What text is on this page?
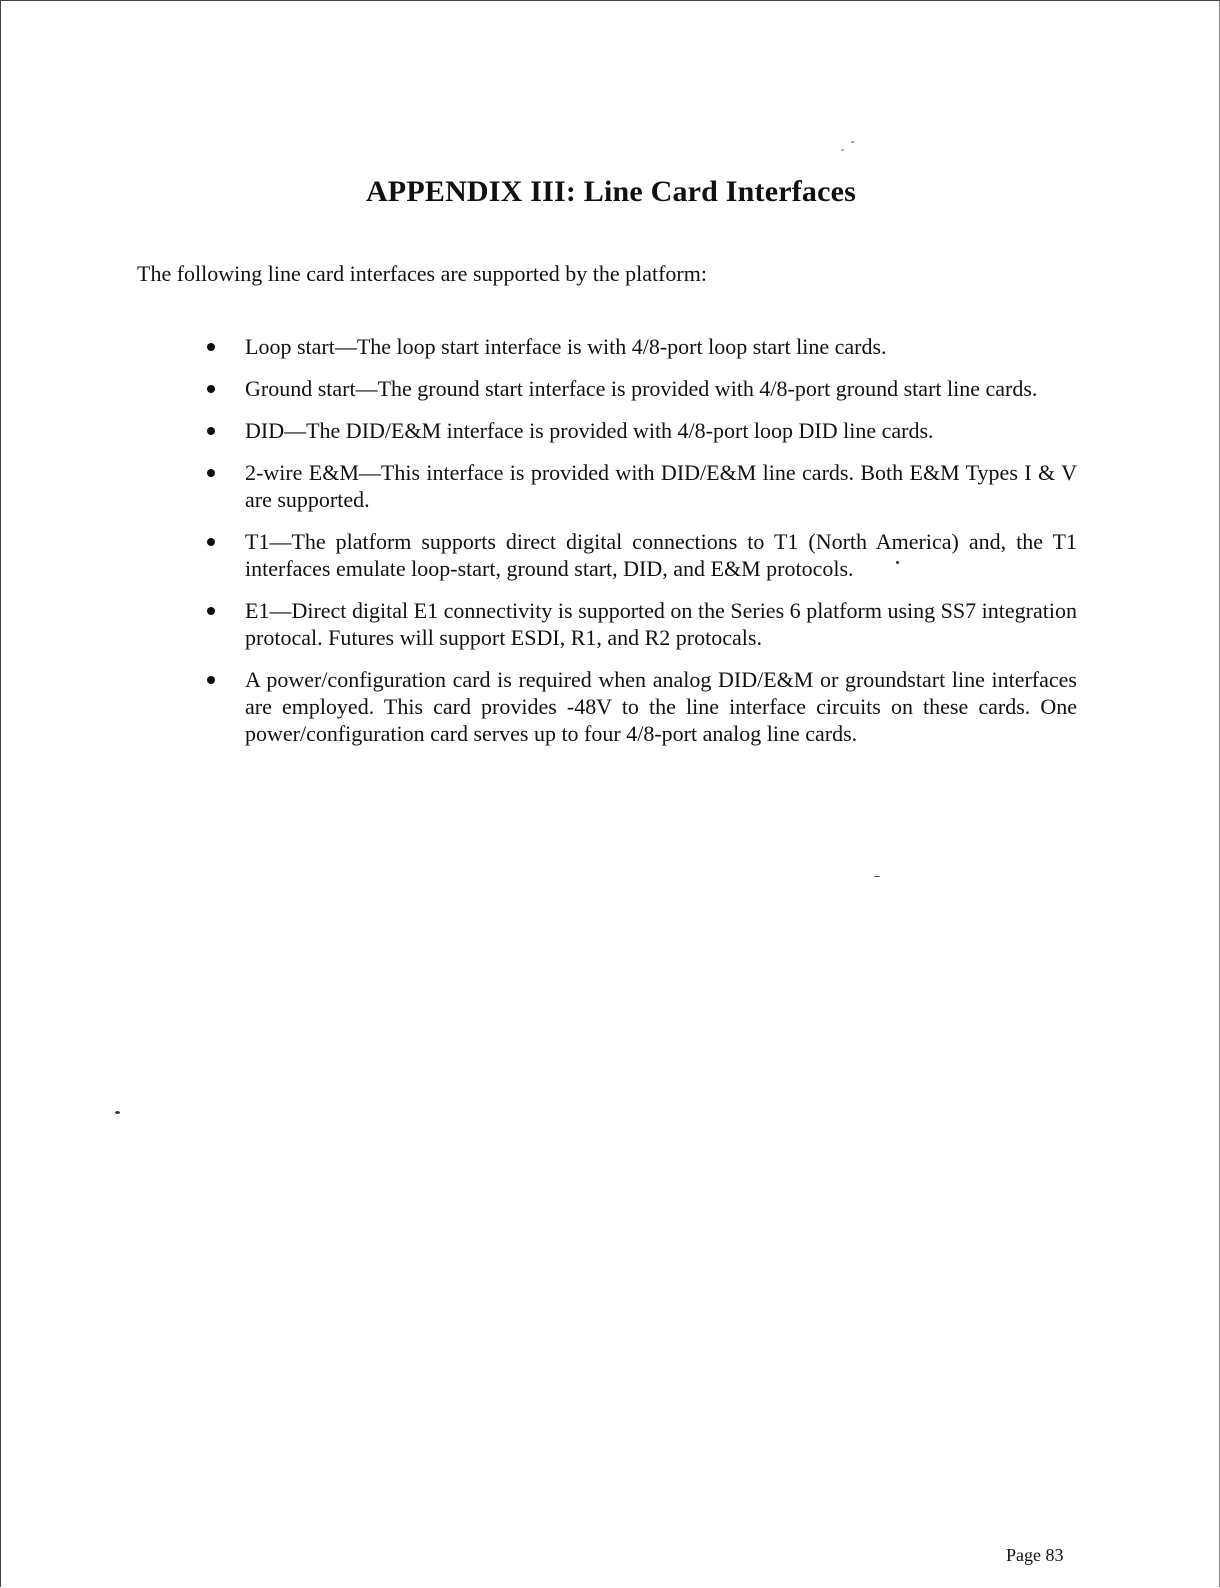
APPENDIX III: Line Card Interfaces
The following line card interfaces are supported by the platform:
Loop start—The loop start interface is with 4/8-port loop start line cards.
Ground start—The ground start interface is provided with 4/8-port ground start line cards.
DID—The DID/E&M interface is provided with 4/8-port loop DID line cards.
2-wire E&M—This interface is provided with DID/E&M line cards. Both E&M Types I & V are supported.
T1—The platform supports direct digital connections to T1 (North America) and, the T1 interfaces emulate loop-start, ground start, DID, and E&M protocols.
E1—Direct digital E1 connectivity is supported on the Series 6 platform using SS7 integration protocal. Futures will support ESDI, R1, and R2 protocals.
A power/configuration card is required when analog DID/E&M or groundstart line interfaces are employed. This card provides -48V to the line interface circuits on these cards. One power/configuration card serves up to four 4/8-port analog line cards.
Page 83
